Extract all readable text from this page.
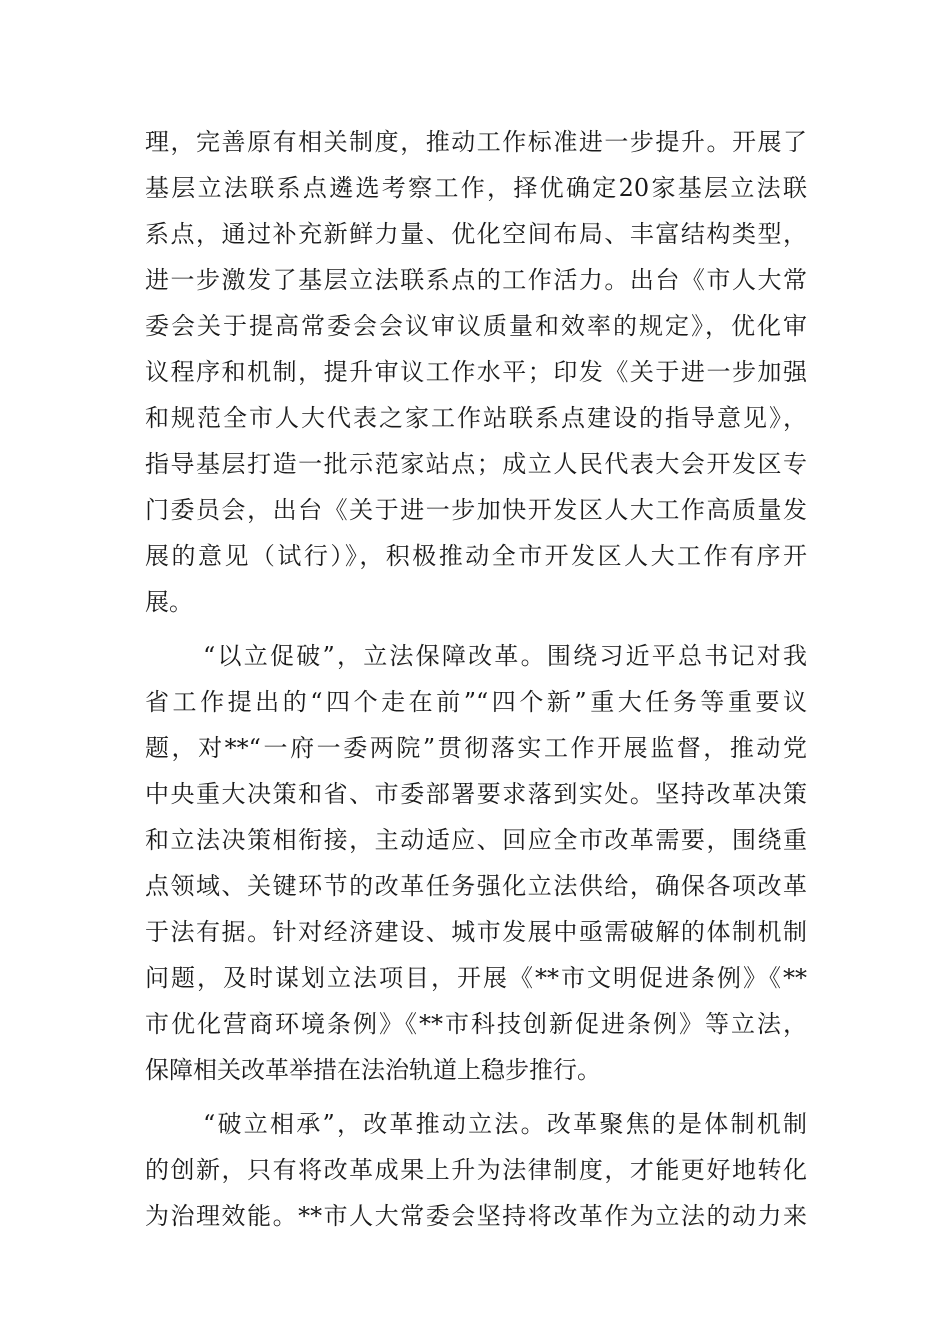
理，完善原有相关制度，推动工作标准进一步提升。开展了
基层立法联系点遴选考察工作，择优确定20家基层立法联
系点，通过补充新鲜力量、优化空间布局、丰富结构类型，
进一步激发了基层立法联系点的工作活力。出台《市人大常
委会关于提高常委会会议审议质量和效率的规定》，优化审
议程序和机制，提升审议工作水平；印发《关于进一步加强
和规范全市人大代表之家工作站联系点建设的指导意见》，
指导基层打造一批示范家站点；成立人民代表大会开发区专
门委员会，出台《关于进一步加快开发区人大工作高质量发
展的意见（试行）》，积极推动全市开发区人大工作有序开
展。
“以立促破”，立法保障改革。围绕习近平总书记对我
省工作提出的“四个走在前”“四个新”重大任务等重要议
题，对**“一府一委两院”贯彻落实工作开展监督，推动党
中央重大决策和省、市委部署要求落到实处。坚持改革决策
和立法决策相衔接，主动适应、回应全市改革需要，围绕重
点领域、关键环节的改革任务强化立法供给，确保各项改革
于法有据。针对经济建设、城市发展中亟需破解的体制机制
问题，及时谋划立法项目，开展《**市文明促进条例》《**
市优化营商环境条例》《**市科技创新促进条例》等立法，
保障相关改革举措在法治轨道上稳步推行。
“破立相承”，改革推动立法。改革聚焦的是体制机制
的创新，只有将改革成果上升为法律制度，才能更好地转化
为治理效能。**市人大常委会坚持将改革作为立法的动力来
